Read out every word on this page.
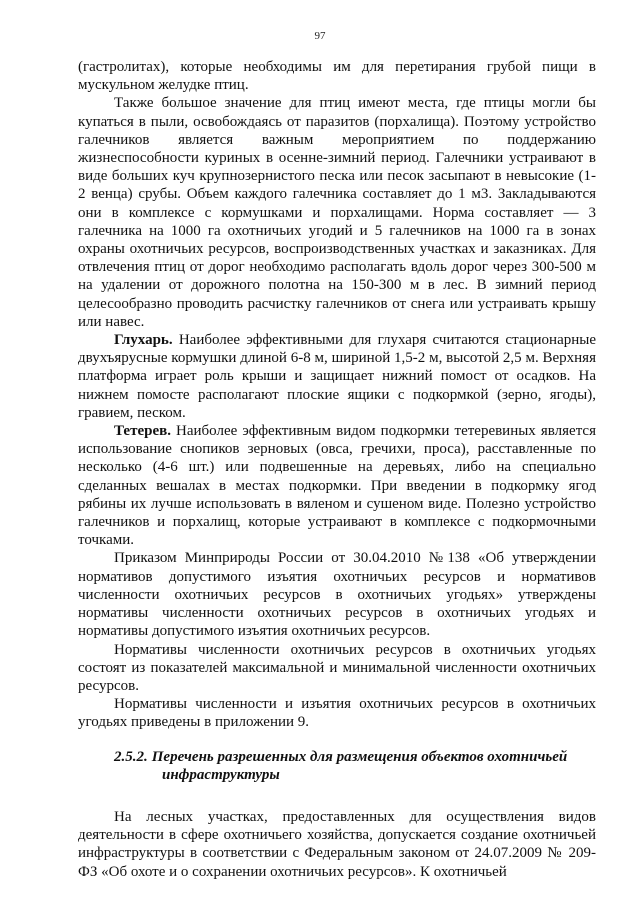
97

(гастролитах), которые необходимы им для перетирания грубой пищи в мускульном желудке птиц.

Также большое значение для птиц имеют места, где птицы могли бы купаться в пыли, освобождаясь от паразитов (порхалища). Поэтому устройство галечников является важным мероприятием по поддержанию жизнеспособности куриных в осенне-зимний период. Галечники устраивают в виде больших куч крупнозернистого песка или песок засыпают в невысокие (1-2 венца) срубы. Объем каждого галечника составляет до 1 м3. Закладываются они в комплексе с кормушками и порхалищами. Норма составляет — 3 галечника на 1000 га охотничьих угодий и 5 галечников на 1000 га в зонах охраны охотничьих ресурсов, воспроизводственных участках и заказниках. Для отвлечения птиц от дорог необходимо располагать вдоль дорог через 300-500 м на удалении от дорожного полотна на 150-300 м в лес. В зимний период целесообразно проводить расчистку галечников от снега или устраивать крышу или навес.

Глухарь. Наиболее эффективными для глухаря считаются стационарные двухъярусные кормушки длиной 6-8 м, шириной 1,5-2 м, высотой 2,5 м. Верхняя платформа играет роль крыши и защищает нижний помост от осадков. На нижнем помосте располагают плоские ящики с подкормкой (зерно, ягоды), гравием, песком.

Тетерев. Наиболее эффективным видом подкормки тетеревиных является использование снопиков зерновых (овса, гречихи, проса), расставленные по несколько (4-6 шт.) или подвешенные на деревьях, либо на специально сделанных вешалах в местах подкормки. При введении в подкормку ягод рябины их лучше использовать в вяленом и сушеном виде. Полезно устройство галечников и порхалищ, которые устраивают в комплексе с подкормочными точками.

Приказом Минприроды России от 30.04.2010 №138 «Об утверждении нормативов допустимого изъятия охотничьих ресурсов и нормативов численности охотничьих ресурсов в охотничьих угодьях» утверждены нормативы численности охотничьих ресурсов в охотничьих угодьях и нормативы допустимого изъятия охотничьих ресурсов.

Нормативы численности охотничьих ресурсов в охотничьих угодьях состоят из показателей максимальной и минимальной численности охотничьих ресурсов.

Нормативы численности и изъятия охотничьих ресурсов в охотничьих угодьях приведены в приложении 9.

2.5.2. Перечень разрешенных для размещения объектов охотничьей
инфраструктуры

На лесных участках, предоставленных для осуществления видов деятельности в сфере охотничьего хозяйства, допускается создание охотничьей инфраструктуры в соответствии с Федеральным законом от 24.07.2009 № 209-ФЗ «Об охоте и о сохранении охотничьих ресурсов». К охотничьей
